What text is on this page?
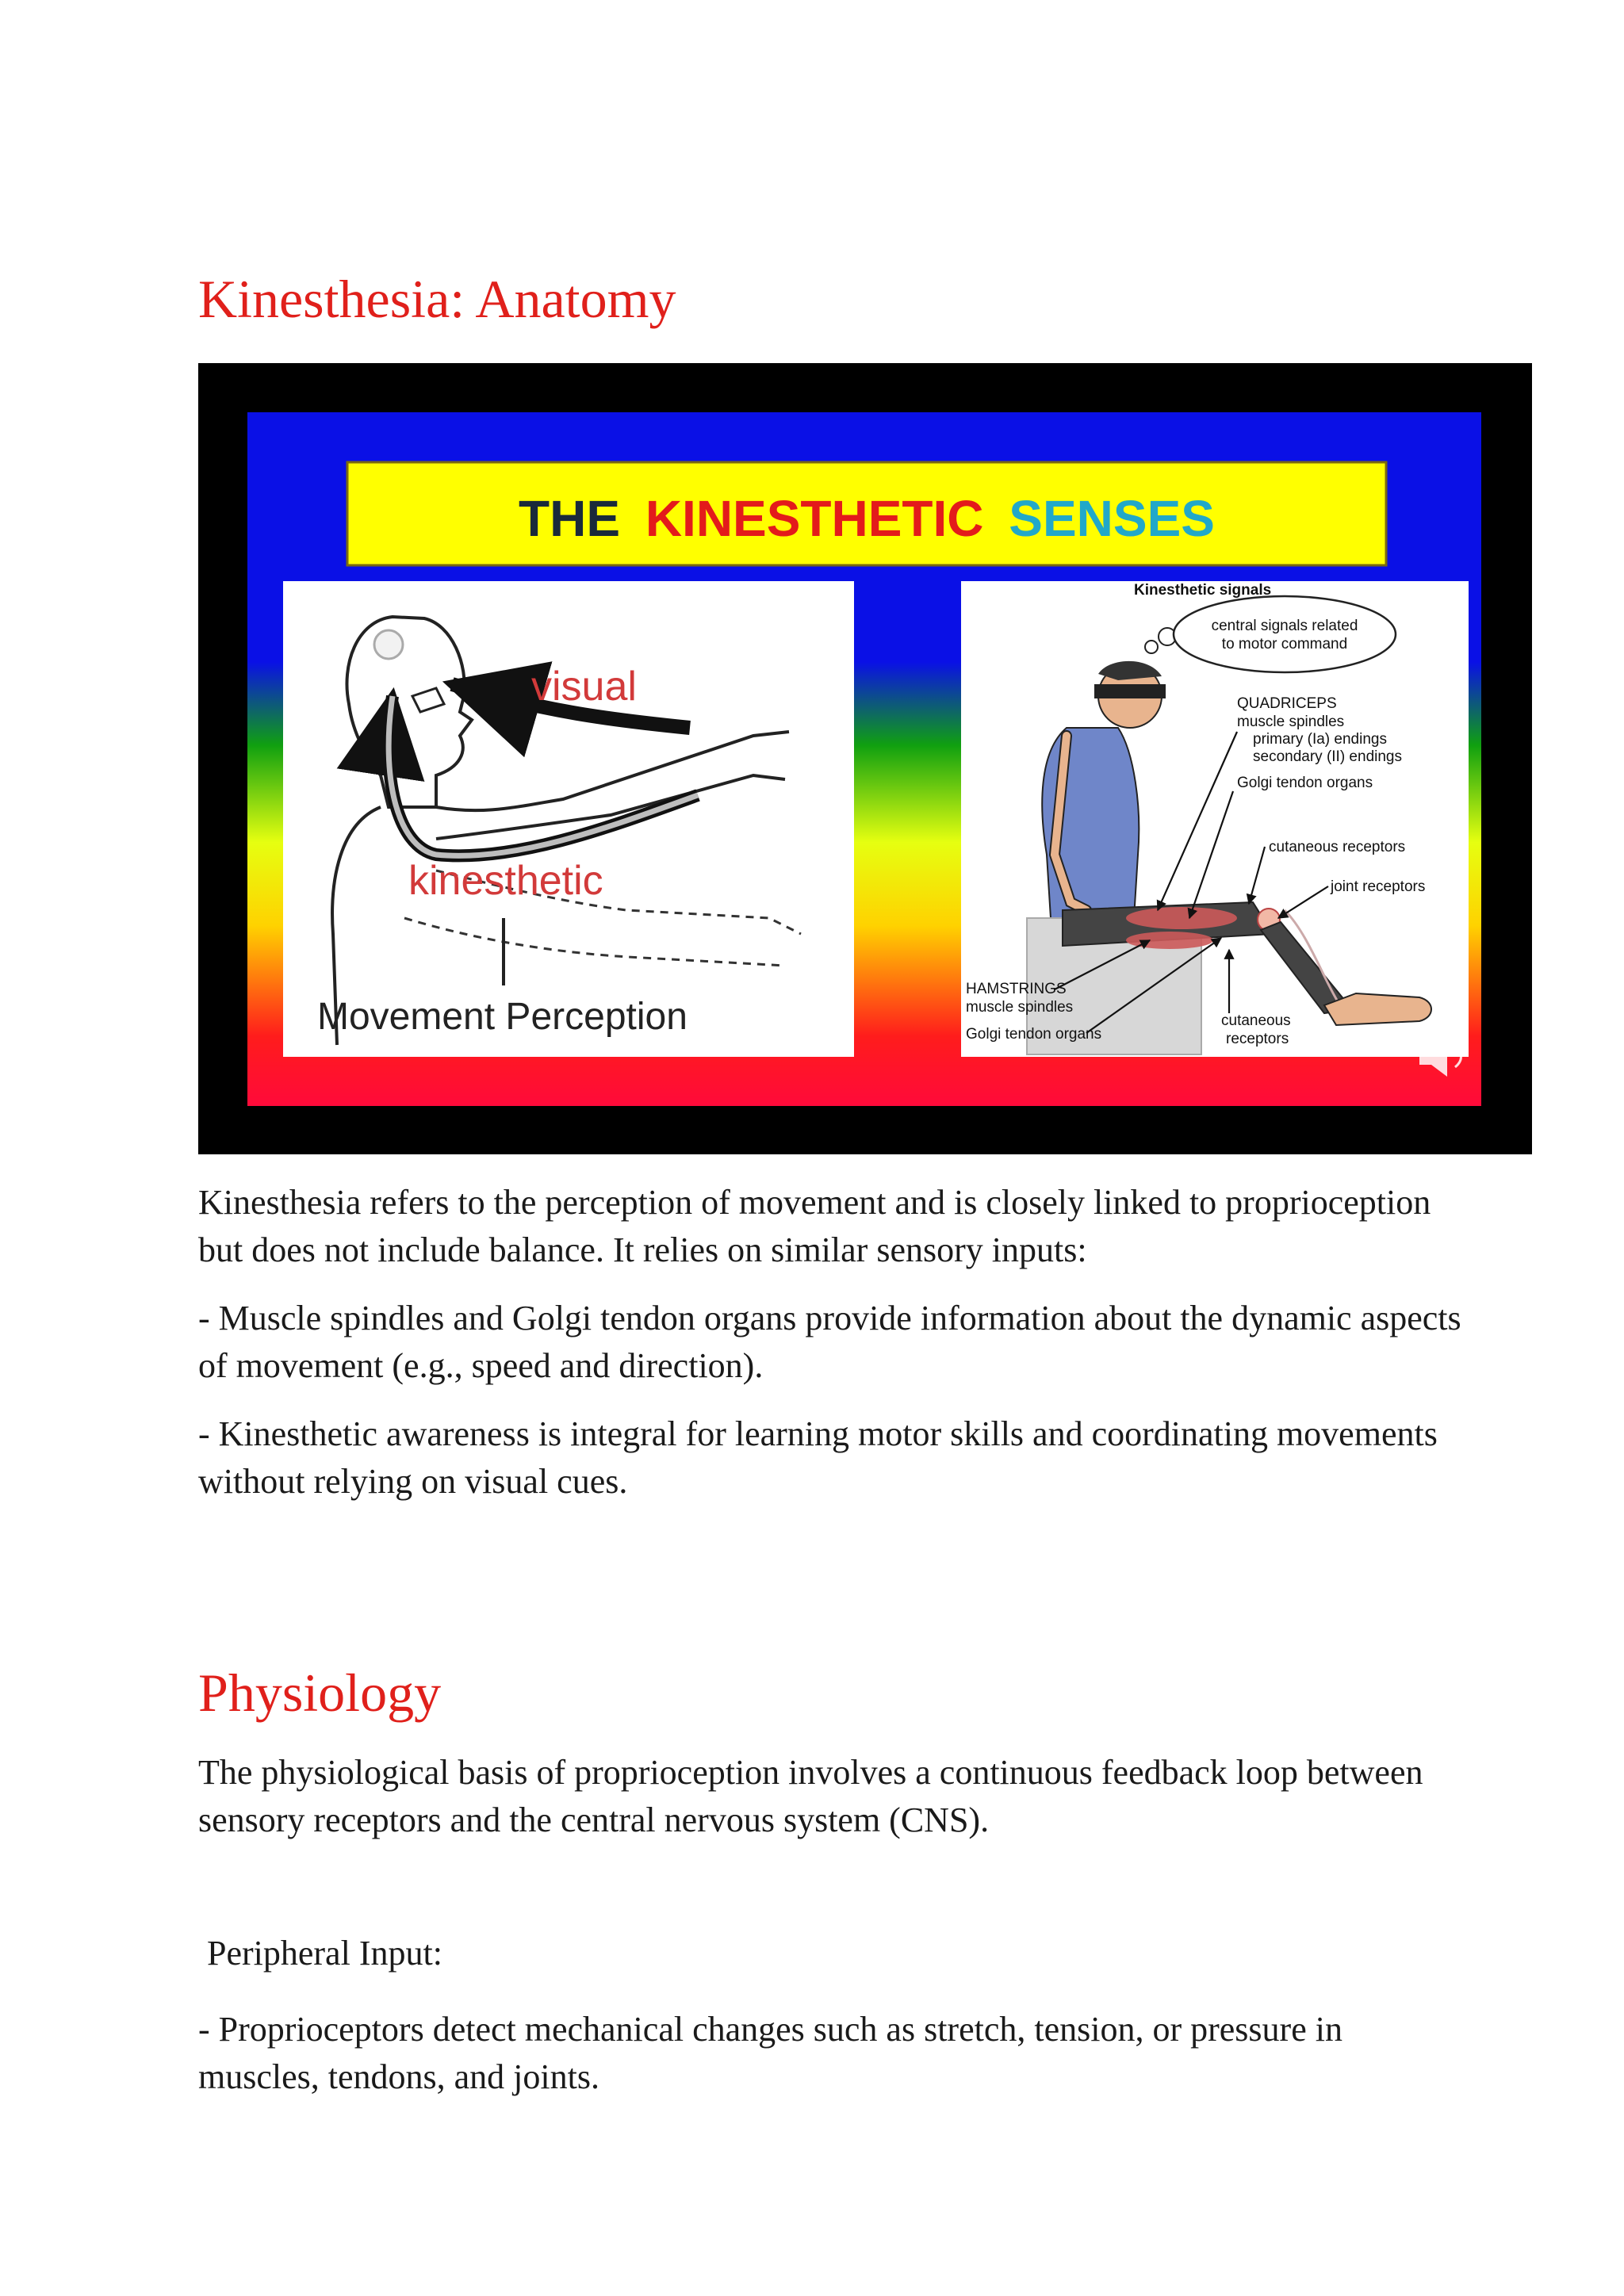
Kinesthesia: Anatomy
THE KINESTHETIC SENSES
visual
kinesthetic
Movement Perception
Kinesthetic signals
central signals related
to motor command
QUADRICEPS muscle spindles primary (Ia) endings secondary (II) endings Golgi tendon organs cutaneous receptors joint receptors HAMSTRINGS muscle spindles Golgi tendon organs cutaneous receptors

Kinesthesia refers to the perception of movement and is closely linked to proprioception but does not include balance. It relies on similar sensory inputs:

- Muscle spindles and Golgi tendon organs provide information about the dynamic aspects of movement (e.g., speed and direction).

- Kinesthetic awareness is integral for learning motor skills and coordinating movements without relying on visual cues.

Physiology

The physiological basis of proprioception involves a continuous feedback loop between sensory receptors and the central nervous system (CNS).

Peripheral Input:

- Proprioceptors detect mechanical changes such as stretch, tension, or pressure in muscles, tendons, and joints.
